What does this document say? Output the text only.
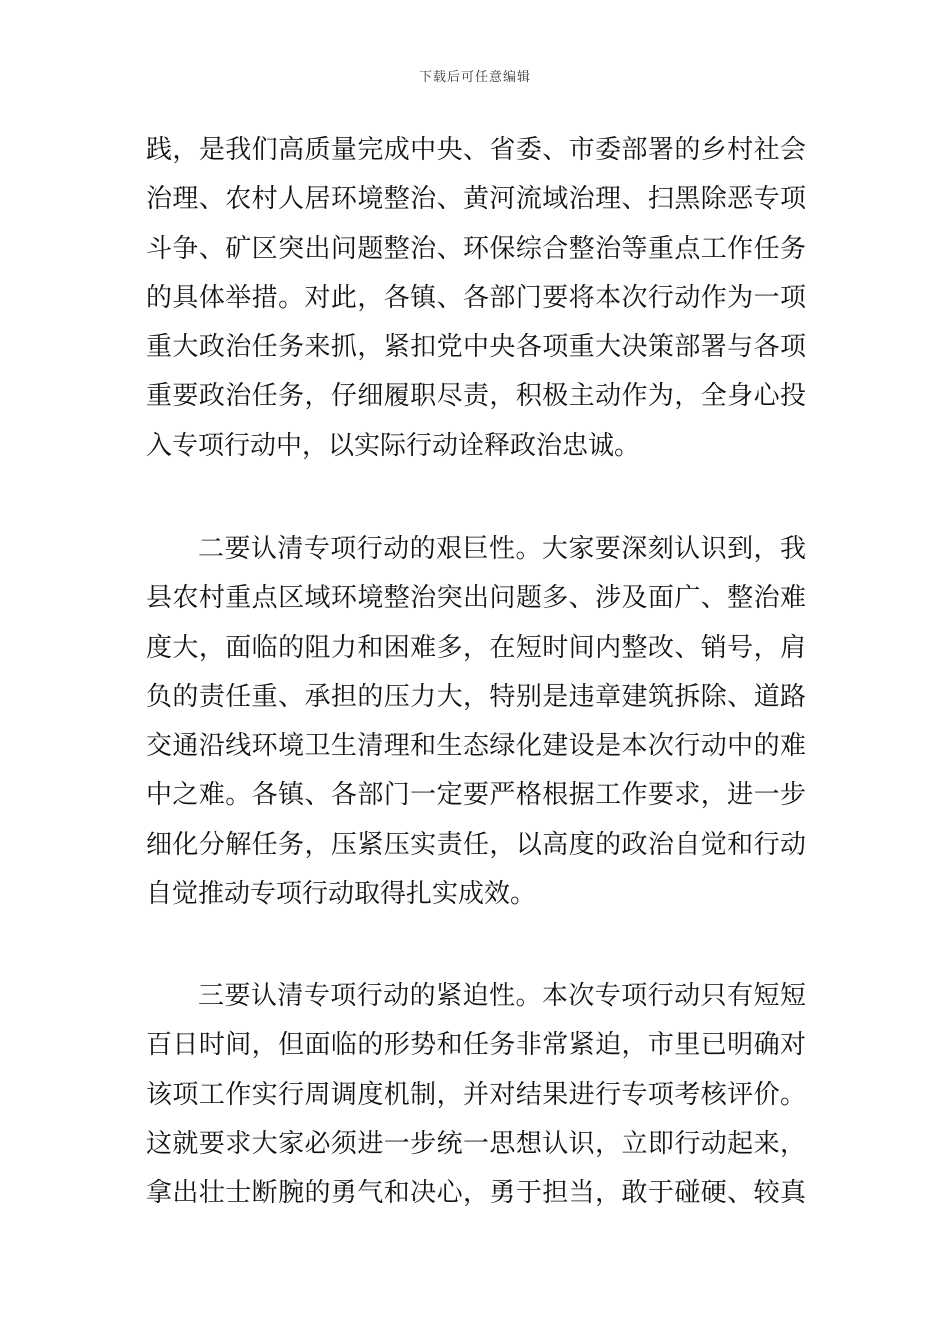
下载后可任意编辑
践，是我们高质量完成中央、省委、市委部署的乡村社会
治理、农村人居环境整治、黄河流域治理、扫黑除恶专项
斗争、矿区突出问题整治、环保综合整治等重点工作任务
的具体举措。对此，各镇、各部门要将本次行动作为一项
重大政治任务来抓，紧扣党中央各项重大决策部署与各项
重要政治任务，仔细履职尽责，积极主动作为，全身心投
入专项行动中，以实际行动诠释政治忠诚。
二要认清专项行动的艰巨性。大家要深刻认识到，我
县农村重点区域环境整治突出问题多、涉及面广、整治难
度大，面临的阻力和困难多，在短时间内整改、销号，肩
负的责任重、承担的压力大，特别是违章建筑拆除、道路
交通沿线环境卫生清理和生态绿化建设是本次行动中的难
中之难。各镇、各部门一定要严格根据工作要求，进一步
细化分解任务，压紧压实责任，以高度的政治自觉和行动
自觉推动专项行动取得扎实成效。
三要认清专项行动的紧迫性。本次专项行动只有短短
百日时间，但面临的形势和任务非常紧迫，市里已明确对
该项工作实行周调度机制，并对结果进行专项考核评价。
这就要求大家必须进一步统一思想认识，立即行动起来，
拿出壮士断腕的勇气和决心，勇于担当，敢于碰硬、较真
